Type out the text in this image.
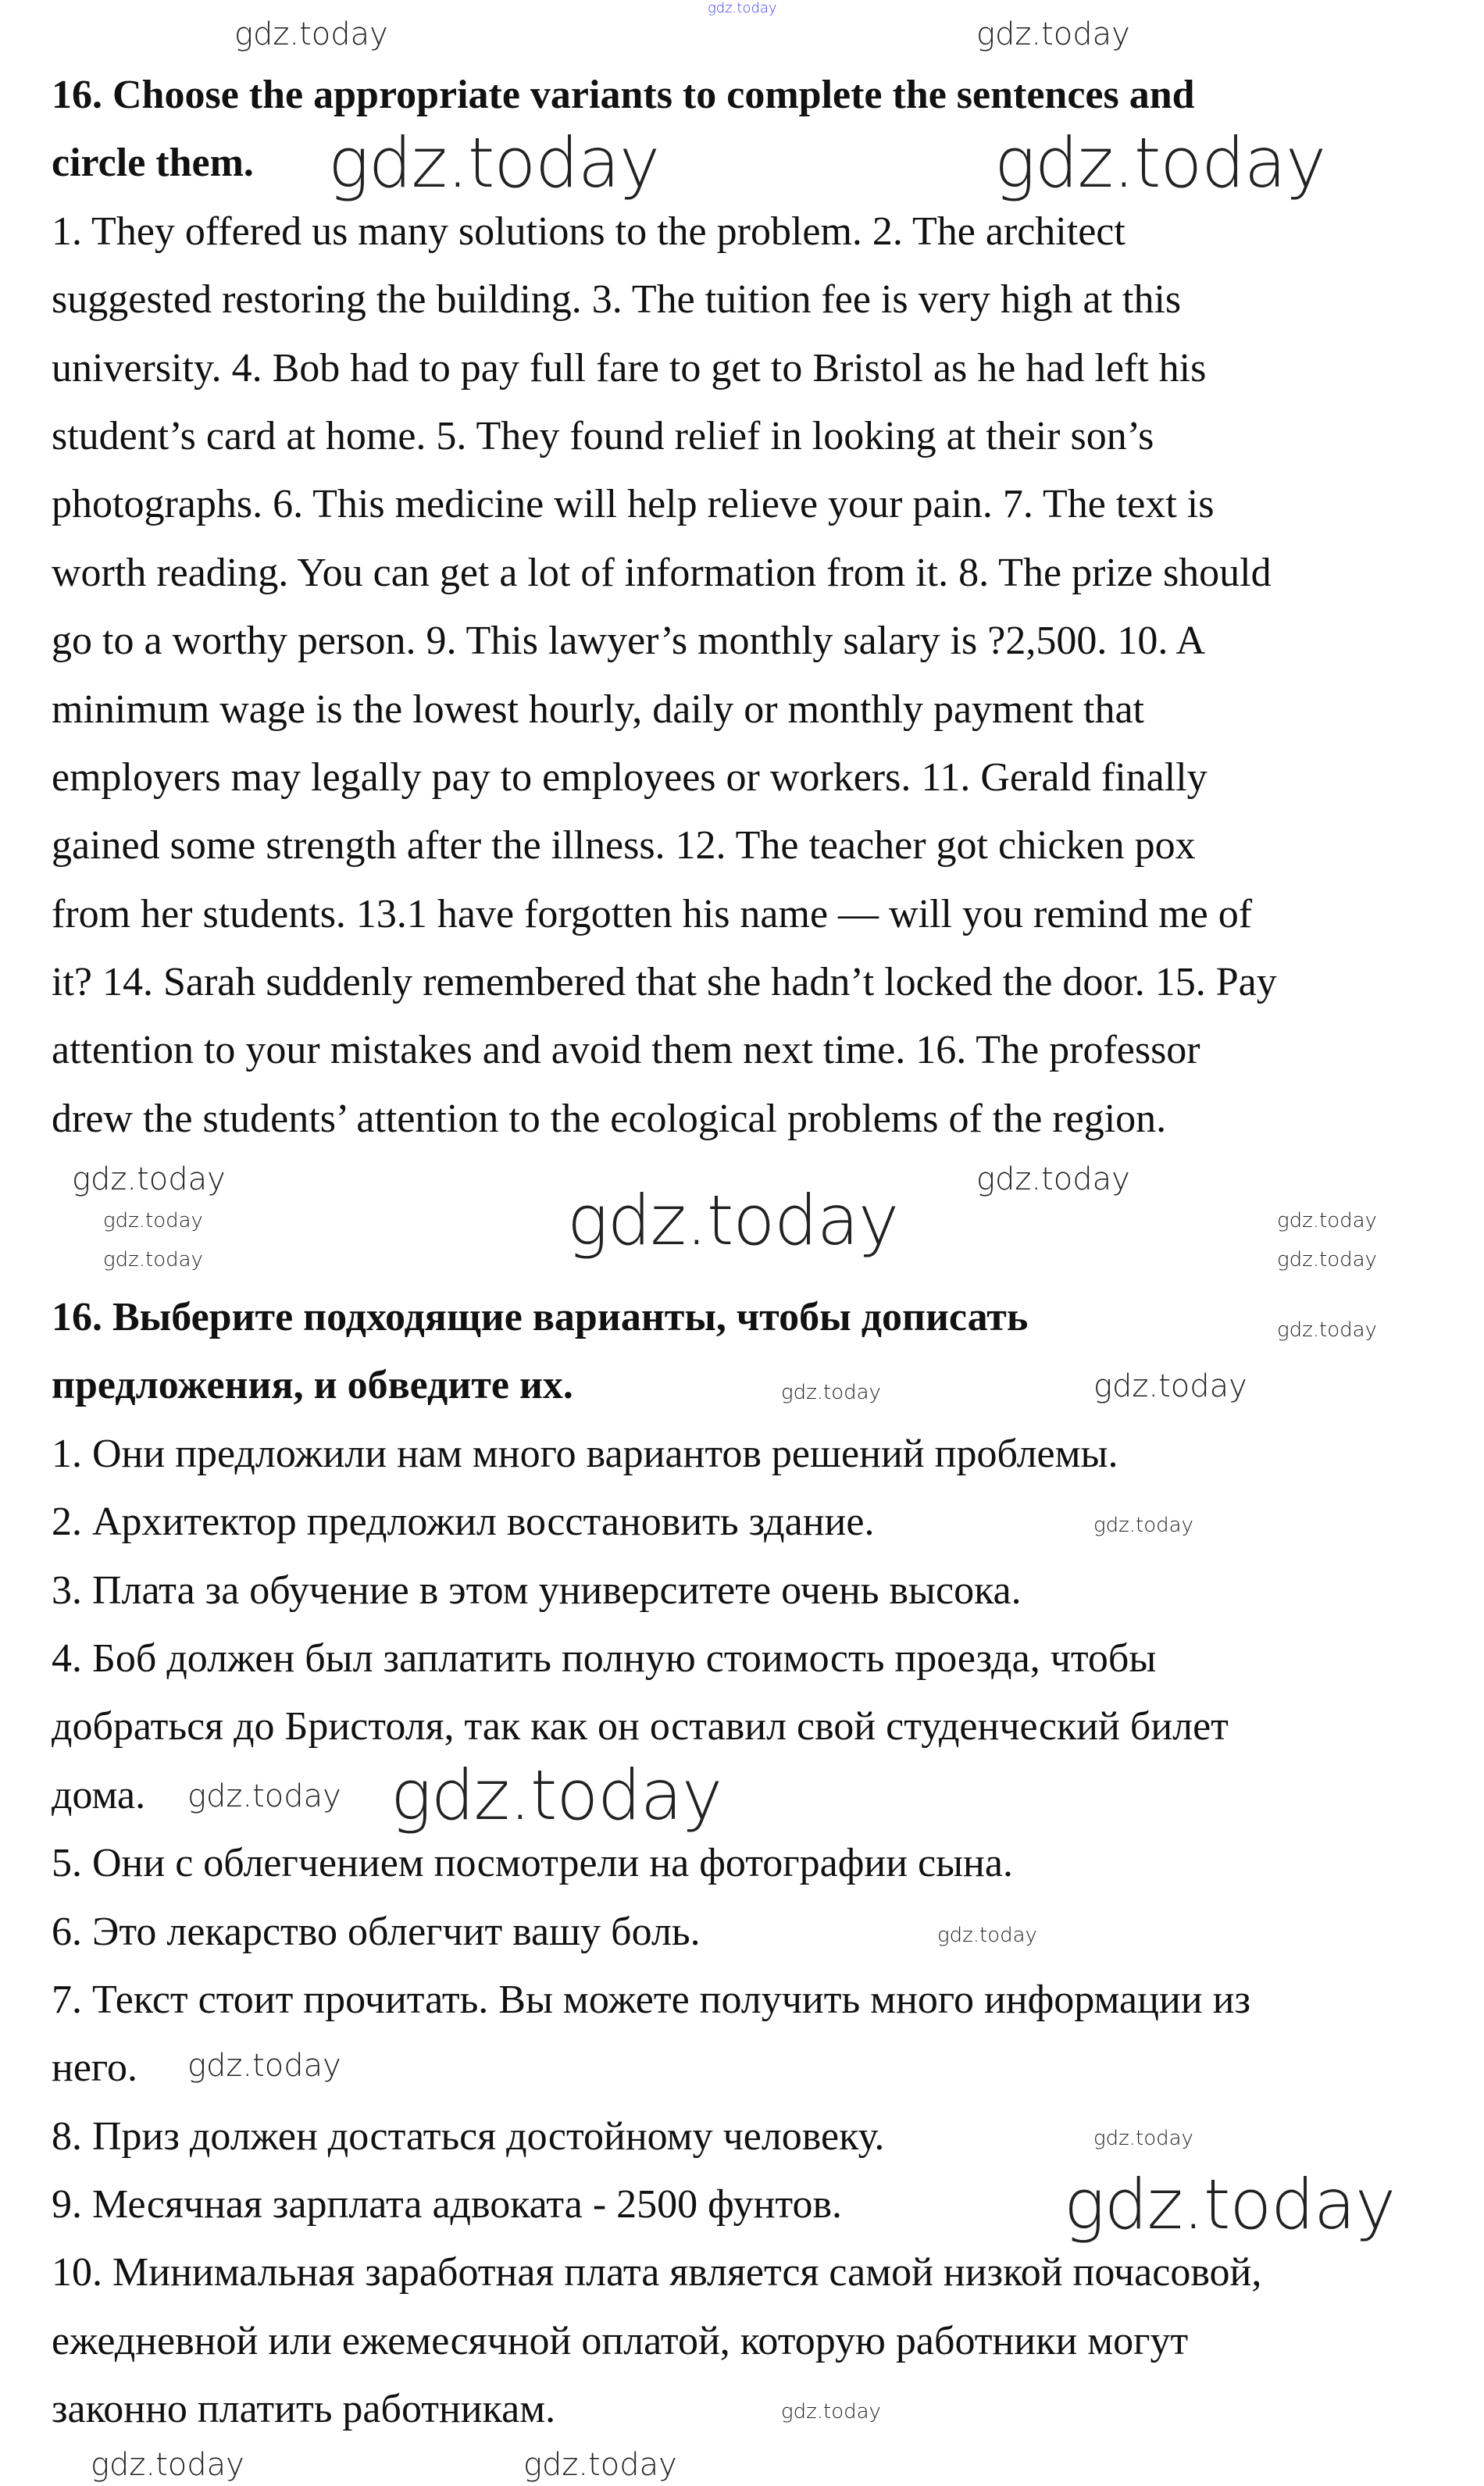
16. Choose the appropriate variants to complete the sentences and
circle them.
1. They offered us many solutions to the problem. 2. The architect
suggested restoring the building. 3. The tuition fee is very high at this
university. 4. Bob had to pay full fare to get to Bristol as he had left his
student’s card at home. 5. They found relief in looking at their son’s
photographs. 6. This medicine will help relieve your pain. 7. The text is
worth reading. You can get a lot of information from it. 8. The prize should
go to a worthy person. 9. This lawyer’s monthly salary is ?2,500. 10. A
minimum wage is the lowest hourly, daily or monthly payment that
employers may legally pay to employees or workers. 11. Gerald finally
gained some strength after the illness. 12. The teacher got chicken pox
from her students. 13.1 have forgotten his name — will you remind me of
it? 14. Sarah suddenly remembered that she hadn’t locked the door. 15. Pay
attention to your mistakes and avoid them next time. 16. The professor
drew the students’ attention to the ecological problems of the region.
16. Выберите подходящие варианты, чтобы дописать
предложения, и обведите их.
1. Они предложили нам много вариантов решений проблемы.
2. Архитектор предложил восстановить здание.
3. Плата за обучение в этом университете очень высока.
4. Боб должен был заплатить полную стоимость проезда, чтобы
добраться до Бристоля, так как он оставил свой студенческий билет
дома.
5. Они с облегчением посмотрели на фотографии сына.
6. Это лекарство облегчит вашу боль.
7. Текст стоит прочитать. Вы можете получить много информации из
него.
8. Приз должен достаться достойному человеку.
9. Месячная зарплата адвоката - 2500 фунтов.
10. Минимальная заработная плата является самой низкой почасовой,
ежедневной или ежемесячной оплатой, которую работники могут
законно платить работникам.
gdz.today
gdz.today	gdz.today
gdz.today
gdz.today
gdz.today
gdz.today	gdz.today
gdz.today
gdz.today	gdz.today
gdz.today
gdz.today
gdz.today
gdz.today
gdz.today
gdz.today
gdz.today
gdz.today
gdz.today
gdz.today
gdz.today
gdz.today
gdz.today
gdz.today
